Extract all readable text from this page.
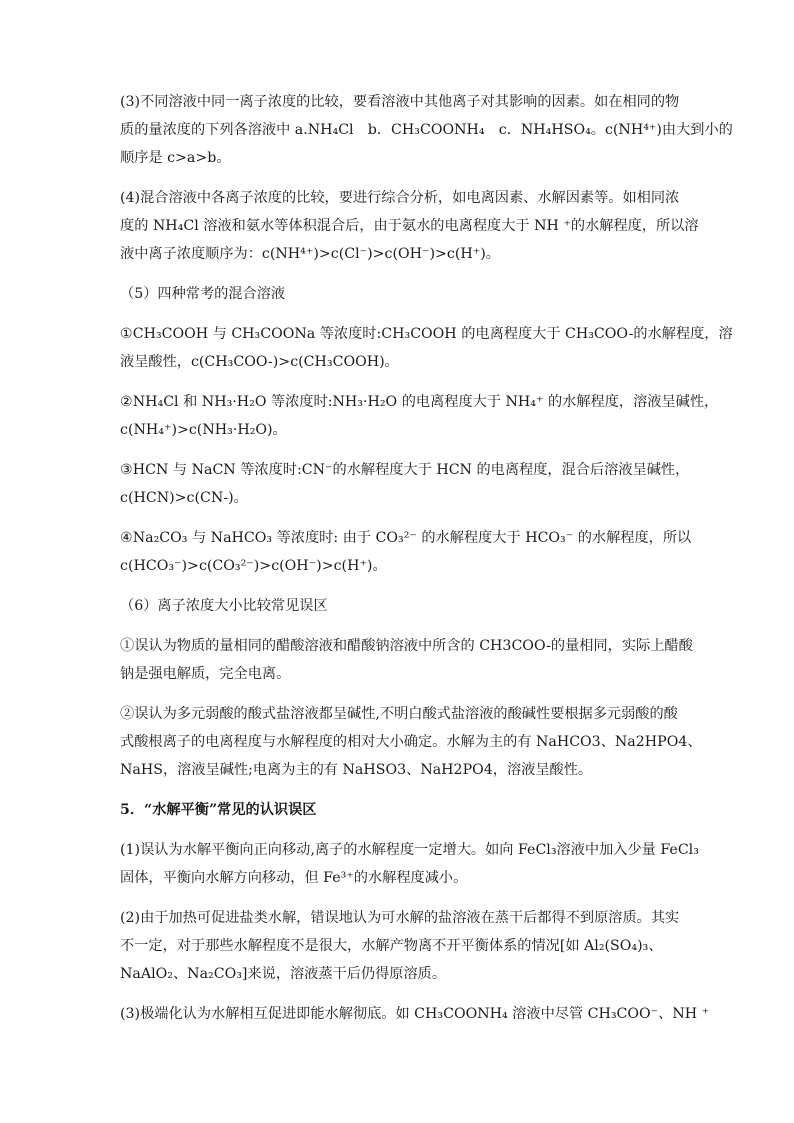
(3)不同溶液中同一离子浓度的比较，要看溶液中其他离子对其影响的因素。如在相同的物
质的量浓度的下列各溶液中 a.NH₄Cl　b．CH₃COONH₄　c．NH₄HSO₄。c(NH⁴⁺)由大到小的
顺序是 c>a>b。
(4)混合溶液中各离子浓度的比较，要进行综合分析，如电离因素、水解因素等。如相同浓
度的 NH₄Cl 溶液和氨水等体积混合后，由于氨水的电离程度大于 NH ⁺的水解程度，所以溶
液中离子浓度顺序为：c(NH⁴⁺)>c(Cl⁻)>c(OH⁻)>c(H⁺)。
（5）四种常考的混合溶液
①CH₃COOH 与 CH₃COONa 等浓度时:CH₃COOH 的电离程度大于 CH₃COO-的水解程度，溶
液呈酸性，c(CH₃COO-)>c(CH₃COOH)。
②NH₄Cl 和 NH₃·H₂O 等浓度时:NH₃·H₂O 的电离程度大于 NH₄⁺ 的水解程度，溶液呈碱性，
c(NH₄⁺)>c(NH₃·H₂O)。
③HCN 与 NaCN 等浓度时:CN⁻的水解程度大于 HCN 的电离程度，混合后溶液呈碱性，
c(HCN)>c(CN-)。
④Na₂CO₃ 与 NaHCO₃ 等浓度时: 由于 CO₃²⁻ 的水解程度大于 HCO₃⁻ 的水解程度，所以
c(HCO₃⁻)>c(CO₃²⁻)>c(OH⁻)>c(H⁺)。
（6）离子浓度大小比较常见误区
①误认为物质的量相同的醋酸溶液和醋酸钠溶液中所含的 CH3COO-的量相同，实际上醋酸
钠是强电解质，完全电离。
②误认为多元弱酸的酸式盐溶液都呈碱性,不明白酸式盐溶液的酸碱性要根据多元弱酸的酸
式酸根离子的电离程度与水解程度的相对大小确定。水解为主的有 NaHCO3、Na2HPO4、
NaHS，溶液呈碱性;电离为主的有 NaHSO3、NaH2PO4，溶液呈酸性。
5．“水解平衡”常见的认识误区
(1)误认为水解平衡向正向移动,离子的水解程度一定增大。如向 FeCl₃溶液中加入少量 FeCl₃
固体，平衡向水解方向移动，但 Fe³⁺的水解程度减小。
(2)由于加热可促进盐类水解，错误地认为可水解的盐溶液在蒸干后都得不到原溶质。其实
不一定，对于那些水解程度不是很大，水解产物离不开平衡体系的情况[如 Al₂(SO₄)₃、
NaAlO₂、Na₂CO₃]来说，溶液蒸干后仍得原溶质。
(3)极端化认为水解相互促进即能水解彻底。如 CH₃COONH₄ 溶液中尽管 CH₃COO⁻、NH ⁺
